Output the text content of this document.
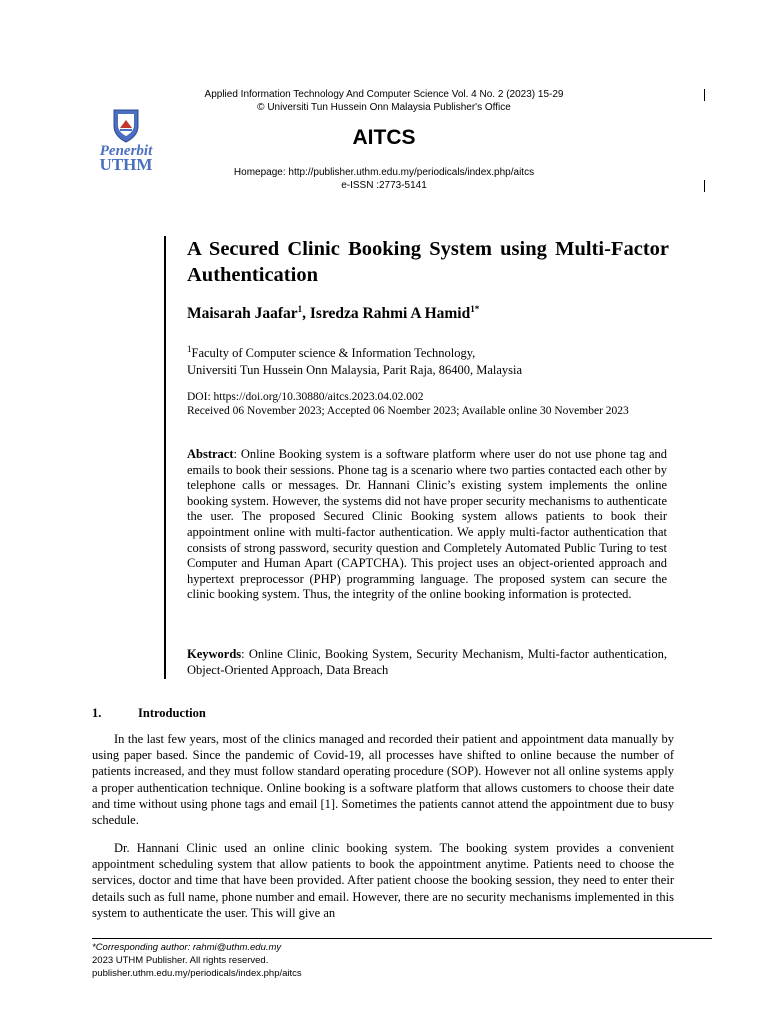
Applied Information Technology And Computer Science Vol. 4 No. 2 (2023) 15-29
© Universiti Tun Hussein Onn Malaysia Publisher's Office
Penerbit
UTHM
AITCS
Homepage: http://publisher.uthm.edu.my/periodicals/index.php/aitcs
e-ISSN :2773-5141
A Secured Clinic Booking System using Multi-Factor Authentication
Maisarah Jaafar$^1$, Isredza Rahmi A Hamid$^{1*}$
$^1$Faculty of Computer science & Information Technology,
Universiti Tun Hussein Onn Malaysia, Parit Raja, 86400, Malaysia
DOI: https://doi.org/10.30880/aitcs.2023.04.02.002
Received 06 November 2023; Accepted 06 Noember 2023; Available online 30 November 2023
Abstract: Online Booking system is a software platform where user do not use phone tag and emails to book their sessions. Phone tag is a scenario where two parties contacted each other by telephone calls or messages. Dr. Hannani Clinic’s existing system implements the online booking system. However, the systems did not have proper security mechanisms to authenticate the user. The proposed Secured Clinic Booking system allows patients to book their appointment online with multi-factor authentication. We apply multi-factor authentication that consists of strong password, security question and Completely Automated Public Turing to test Computer and Human Apart (CAPTCHA). This project uses an object-oriented approach and hypertext preprocessor (PHP) programming language. The proposed system can secure the clinic booking system. Thus, the integrity of the online booking information is protected.
Keywords: Online Clinic, Booking System, Security Mechanism, Multi-factor authentication, Object-Oriented Approach, Data Breach
1.	Introduction
In the last few years, most of the clinics managed and recorded their patient and appointment data manually by using paper based. Since the pandemic of Covid-19, all processes have shifted to online because the number of patients increased, and they must follow standard operating procedure (SOP). However not all online systems apply a proper authentication technique. Online booking is a software platform that allows customers to choose their date and time without using phone tags and email [1]. Sometimes the patients cannot attend the appointment due to busy schedule.
Dr. Hannani Clinic used an online clinic booking system. The booking system provides a convenient appointment scheduling system that allow patients to book the appointment anytime. Patients need to choose the services, doctor and time that have been provided. After patient choose the booking session, they need to enter their details such as full name, phone number and email. However, there are no security mechanisms implemented in this system to authenticate the user. This will give an
*Corresponding author: rahmi@uthm.edu.my
2023 UTHM Publisher. All rights reserved.
publisher.uthm.edu.my/periodicals/index.php/aitcs
